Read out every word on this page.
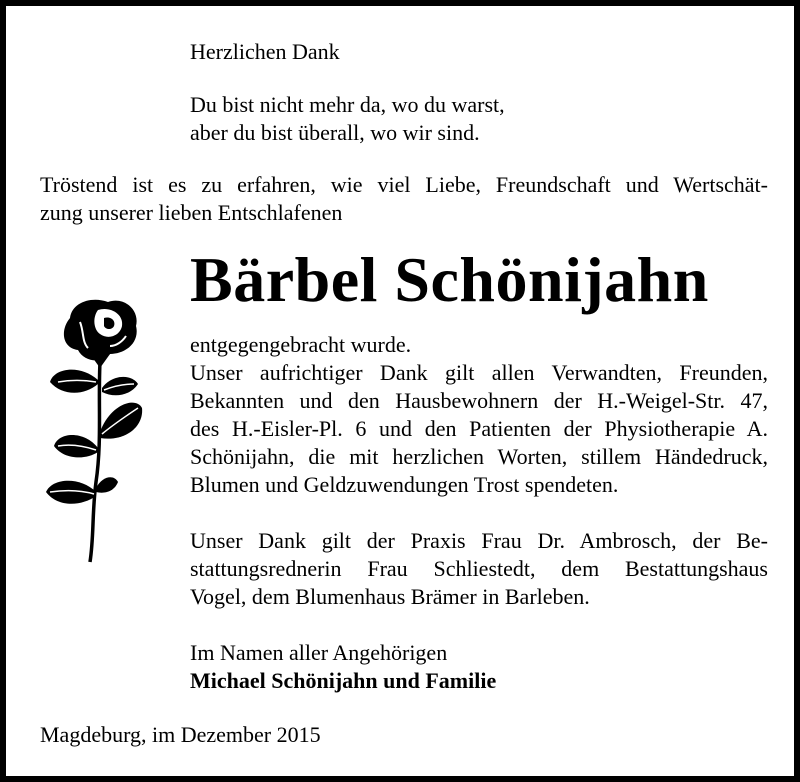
Herzlichen Dank
Du bist nicht mehr da, wo du warst,
aber du bist überall, wo wir sind.
Tröstend ist es zu erfahren, wie viel Liebe, Freundschaft und Wertschät-
zung unserer lieben Entschlafenen
Bärbel Schönijahn
entgegengebracht wurde.
Unser aufrichtiger Dank gilt allen Verwandten, Freunden,
Bekannten und den Hausbewohnern der H.-Weigel-Str. 47,
des H.-Eisler-Pl. 6 und den Patienten der Physiotherapie A.
Schönijahn, die mit herzlichen Worten, stillem Händedruck,
Blumen und Geldzuwendungen Trost spendeten.
Unser Dank gilt der Praxis Frau Dr. Ambrosch, der Be-
stattungsrednerin Frau Schliestedt, dem Bestattungshaus
Vogel, dem Blumenhaus Brämer in Barleben.
Im Namen aller Angehörigen
Michael Schönijahn und Familie
Magdeburg, im Dezember 2015
